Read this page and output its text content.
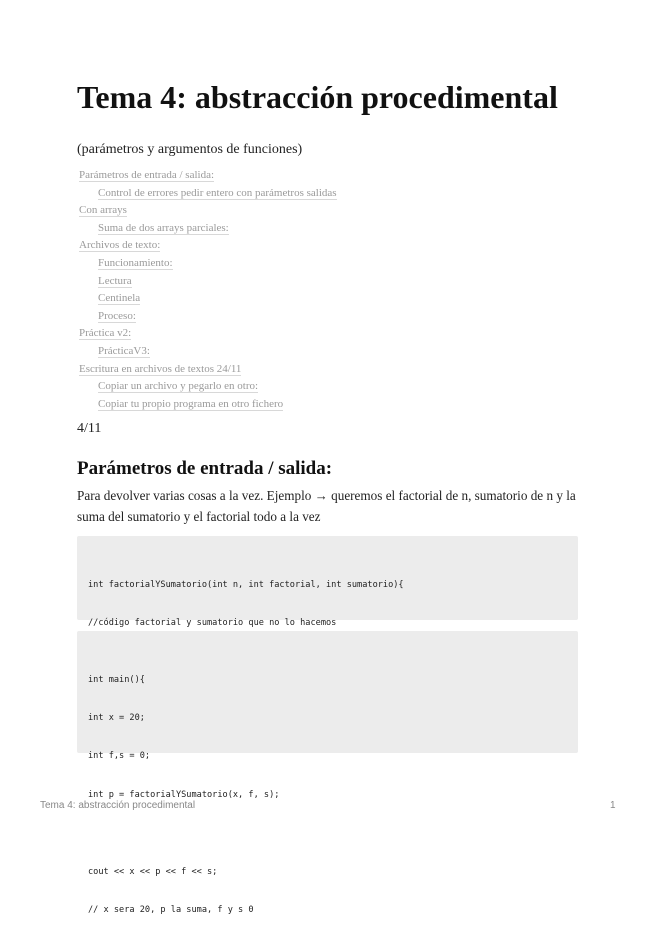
Tema 4: abstracción procedimental

(parámetros y argumentos de funciones)

Parámetros de entrada / salida:
Control de errores pedir entero con parámetros salidas
Con arrays
Suma de dos arrays parciales:
Archivos de texto:
Funcionamiento:
Lectura
Centinela
Proceso:
Práctica v2:
PrácticaV3:
Escritura en archivos de textos 24/11
Copiar un archivo y pegarlo en otro:
Copiar tu propio programa en otro fichero

4/11

Parámetros de entrada / salida:

Para devolver varias cosas a la vez. Ejemplo → queremos el factorial de n, sumatorio de n y la suma del sumatorio y el factorial todo a la vez

int factorialYSumatorio(int n, int factorial, int sumatorio){

//código factorial y sumatorio que no lo hacemos

int main(){

int x = 20;

int f,s = 0;

int p = factorialYSumatorio(x, f, s);

cout << x << p << f << s;

// x sera 20, p la suma, f y s 0

Tema 4: abstracción procedimental	1
